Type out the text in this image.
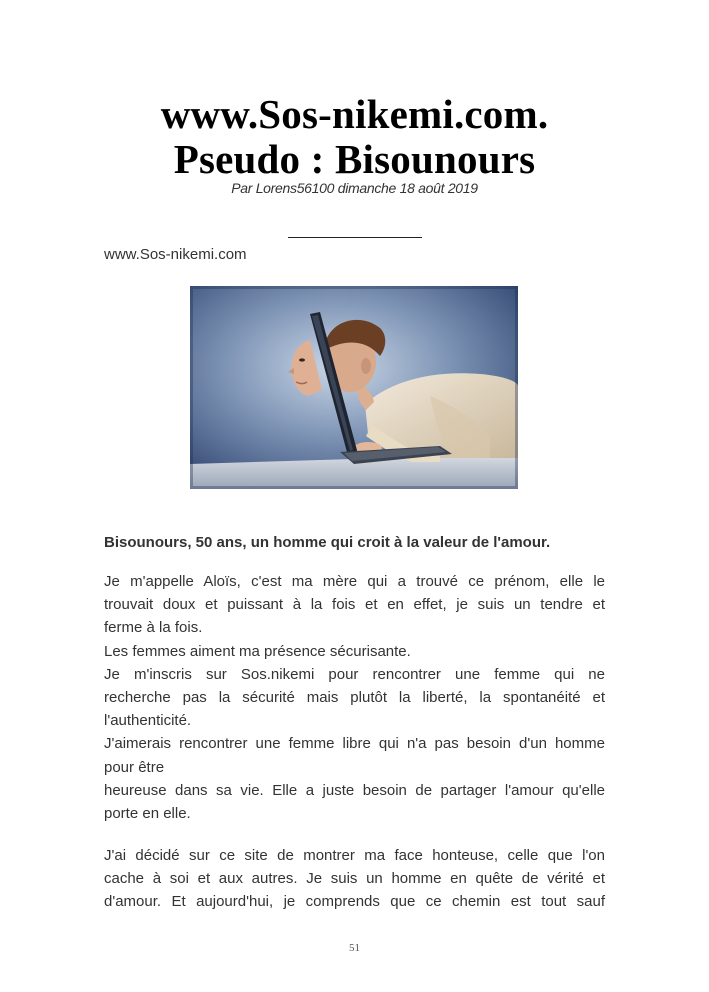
www.Sos-nikemi.com.
Pseudo : Bisounours
Par Lorens56100 dimanche 18 août 2019
www.Sos-nikemi.com
Bisounours, 50 ans, un homme qui croit à la valeur de l'amour.
Je m'appelle Aloïs, c'est ma mère qui a trouvé ce prénom, elle le
trouvait doux et puissant à la fois et en effet, je suis un tendre et
ferme à la fois.
Les femmes aiment ma présence sécurisante.
Je m'inscris sur Sos.nikemi pour rencontrer une femme qui ne
recherche pas la sécurité mais plutôt la liberté, la spontanéité et
l'authenticité.
J'aimerais rencontrer une femme libre qui n'a pas besoin d'un homme
pour être
heureuse dans sa vie. Elle a juste besoin de partager l'amour qu'elle
porte en elle.
J'ai décidé sur ce site de montrer ma face honteuse, celle que l'on
cache à soi et aux autres. Je suis un homme en quête de vérité et
d'amour. Et aujourd'hui, je comprends que ce chemin est tout sauf
51
